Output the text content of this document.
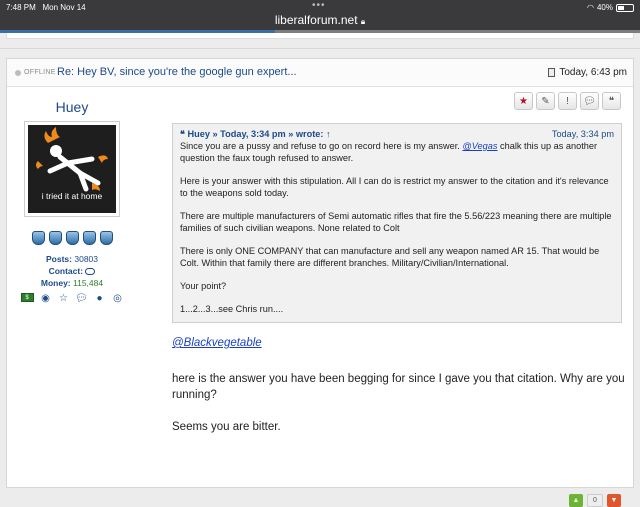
7:48 PM Mon Nov 14	•••	◠ 40%
liberalforum.net 🔒︎
OFFLINE Re: Hey BV, since you're the google gun expert...	Today, 6:43 pm
Huey
i tried it at home
Posts: 30803
Contact:
Money: 115,484
$	◉ ☆ 💬︎ ● ◎
★	✎	!	💬︎	❝
❝ Huey » Today, 3:34 pm » wrote: ↑	Today, 3:34 pm

Since you are a pussy and refuse to go on record here is my answer. @Vegas chalk this up as another question the faux tough refused to answer.

Here is your answer with this stipulation. All I can do is restrict my answer to the citation and it's relevance to the weapons sold today.

There are multiple manufacturers of Semi automatic rifles that fire the 5.56/223 meaning there are multiple families of such civilian weapons. None related to Colt

There is only ONE COMPANY that can manufacture and sell any weapon named AR 15. That would be Colt. Within that family there are different branches. Military/Civilian/International.

Your point?

1...2...3...see Chris run....

@Blackvegetable

here is the answer you have been begging for since I gave you that citation. Why are you running?

Seems you are bitter.

▲	0	▼
